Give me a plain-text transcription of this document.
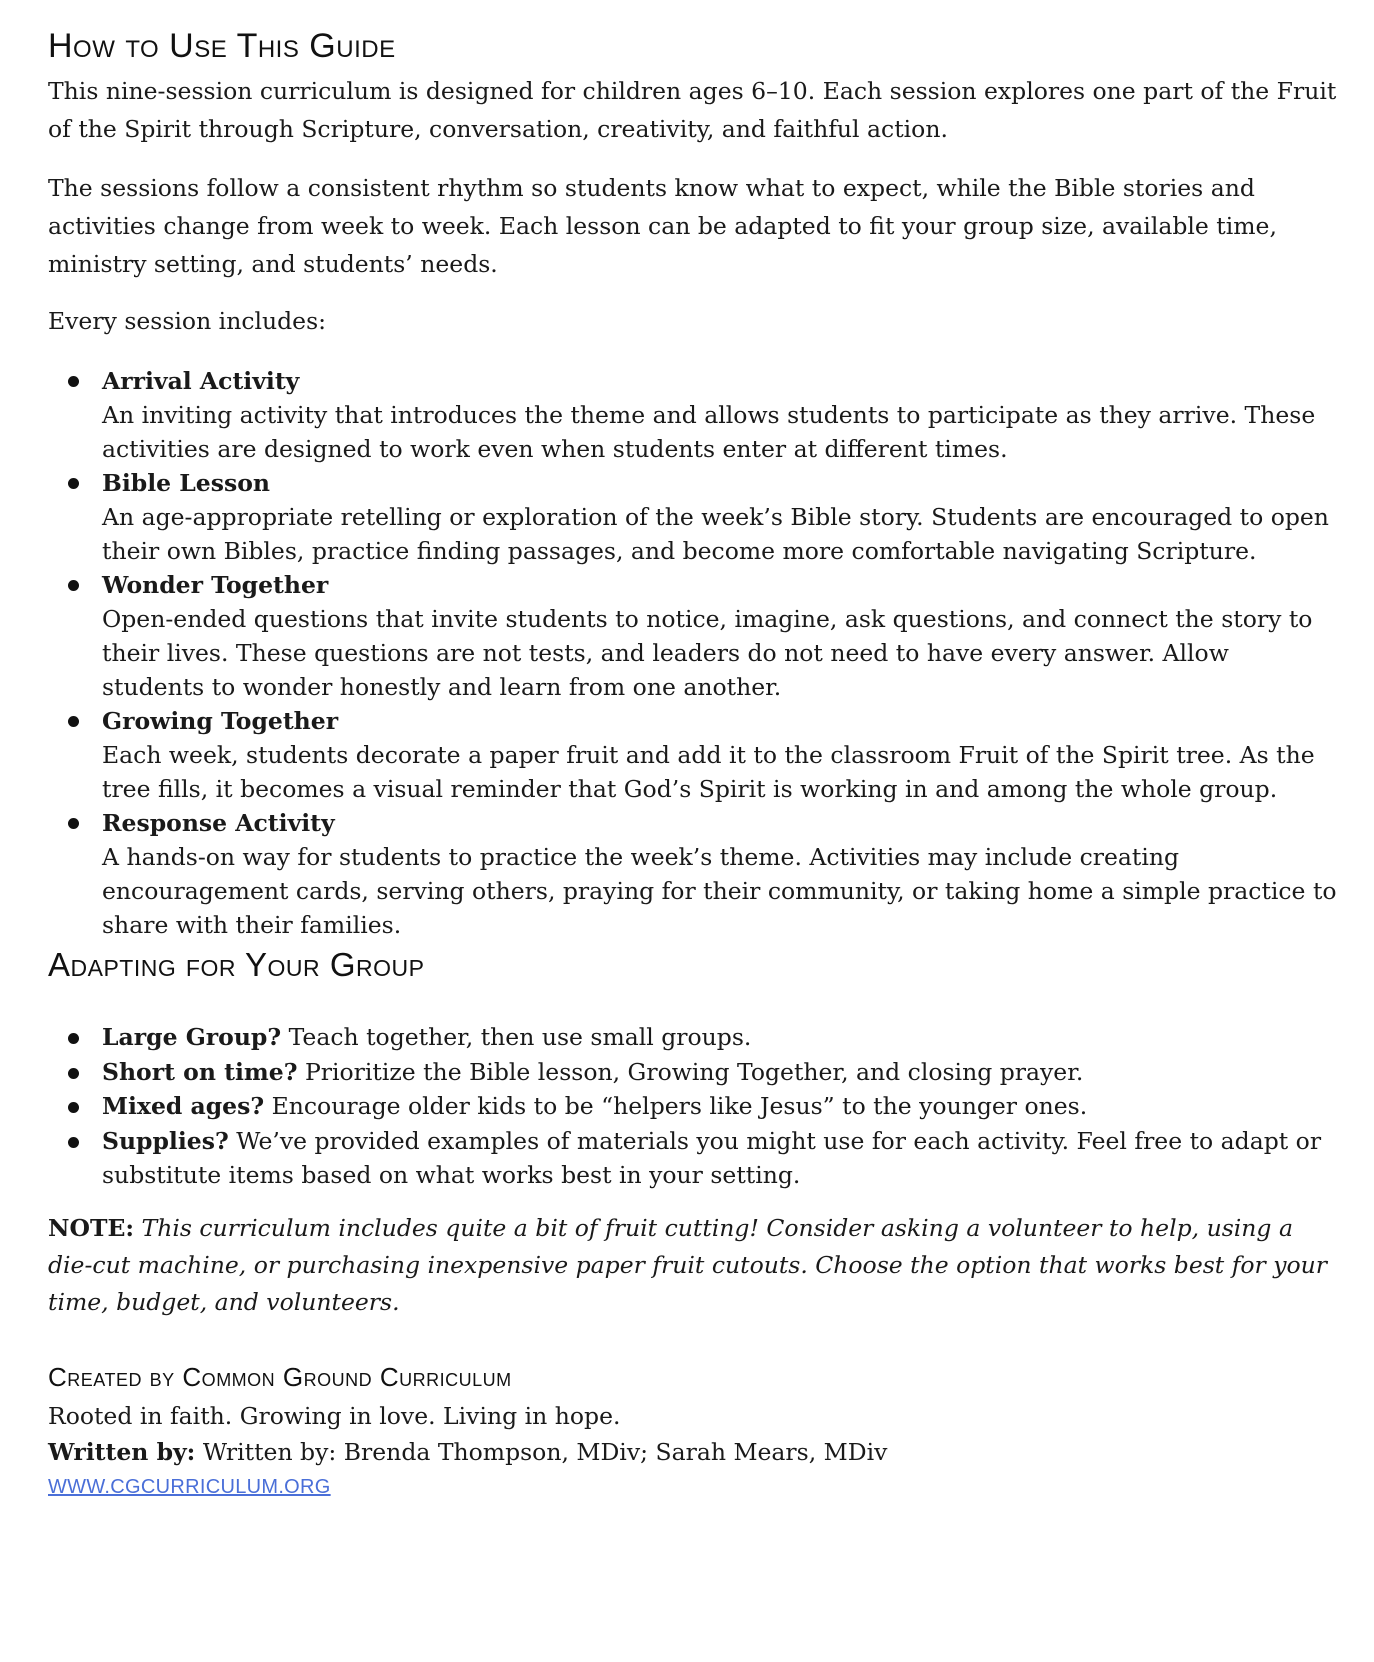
How to Use This Guide

This nine-session curriculum is designed for children ages 6–10. Each session explores one part of the Fruit of the Spirit through Scripture, conversation, creativity, and faithful action.

The sessions follow a consistent rhythm so students know what to expect, while the Bible stories and activities change from week to week. Each lesson can be adapted to fit your group size, available time, ministry setting, and students’ needs.

Every session includes:

Arrival Activity
An inviting activity that introduces the theme and allows students to participate as they arrive. These activities are designed to work even when students enter at different times.
Bible Lesson
An age-appropriate retelling or exploration of the week’s Bible story. Students are encouraged to open their own Bibles, practice finding passages, and become more comfortable navigating Scripture.
Wonder Together
Open-ended questions that invite students to notice, imagine, ask questions, and connect the story to their lives. These questions are not tests, and leaders do not need to have every answer. Allow students to wonder honestly and learn from one another.
Growing Together
Each week, students decorate a paper fruit and add it to the classroom Fruit of the Spirit tree. As the tree fills, it becomes a visual reminder that God’s Spirit is working in and among the whole group.
Response Activity
A hands-on way for students to practice the week’s theme. Activities may include creating encouragement cards, serving others, praying for their community, or taking home a simple practice to share with their families.
Adapting for Your Group
Large Group? Teach together, then use small groups.
Short on time? Prioritize the Bible lesson, Growing Together, and closing prayer.
Mixed ages? Encourage older kids to be “helpers like Jesus” to the younger ones.
Supplies? We’ve provided examples of materials you might use for each activity. Feel free to adapt or substitute items based on what works best in your setting.

NOTE: This curriculum includes quite a bit of fruit cutting! Consider asking a volunteer to help, using a die-cut machine, or purchasing inexpensive paper fruit cutouts. Choose the option that works best for your time, budget, and volunteers.

Created by Common Ground Curriculum
Rooted in faith. Growing in love. Living in hope.
Written by: Written by: Brenda Thompson, MDiv; Sarah Mears, MDiv
WWW.CGCURRICULUM.ORG
